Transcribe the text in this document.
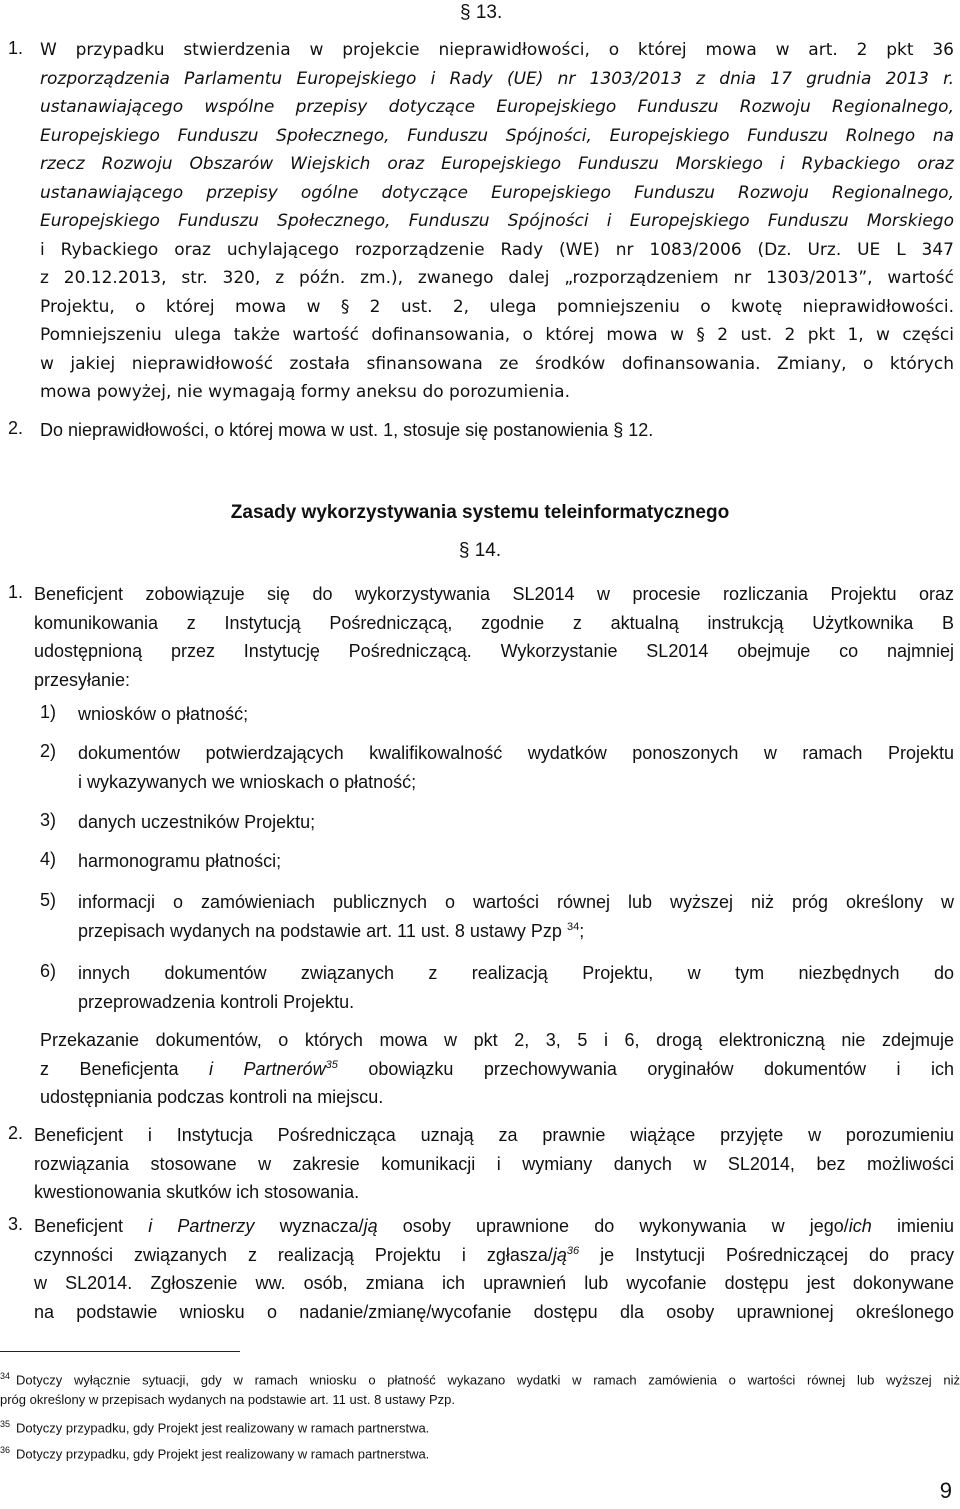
§ 13.
1. W przypadku stwierdzenia w projekcie nieprawidłowości, o której mowa w art. 2 pkt 36
rozporządzenia Parlamentu Europejskiego i Rady (UE) nr 1303/2013 z dnia 17 grudnia 2013 r.
ustanawiającego wspólne przepisy dotyczące Europejskiego Funduszu Rozwoju Regionalnego,
Europejskiego Funduszu Społecznego, Funduszu Spójności, Europejskiego Funduszu Rolnego na
rzecz Rozwoju Obszarów Wiejskich oraz Europejskiego Funduszu Morskiego i Rybackiego oraz
ustanawiającego przepisy ogólne dotyczące Europejskiego Funduszu Rozwoju Regionalnego,
Europejskiego Funduszu Społecznego, Funduszu Spójności i Europejskiego Funduszu Morskiego
i Rybackiego oraz uchylającego rozporządzenie Rady (WE) nr 1083/2006 (Dz. Urz. UE L 347
z 20.12.2013, str. 320, z późn. zm.), zwanego dalej „rozporządzeniem nr 1303/2013”, wartość
Projektu, o której mowa w § 2 ust. 2, ulega pomniejszeniu o kwotę nieprawidłowości.
Pomniejszeniu ulega także wartość dofinansowania, o której mowa w § 2 ust. 2 pkt 1, w części
w jakiej nieprawidłowość została sfinansowana ze środków dofinansowania. Zmiany, o których
mowa powyżej, nie wymagają formy aneksu do porozumienia.
2. Do nieprawidłowości, o której mowa w ust. 1, stosuje się postanowienia § 12.
Zasady wykorzystywania systemu teleinformatycznego
§ 14.
1. Beneficjent zobowiązuje się do wykorzystywania SL2014 w procesie rozliczania Projektu oraz
komunikowania z Instytucją Pośredniczącą, zgodnie z aktualną instrukcją Użytkownika B
udostępnioną przez Instytucję Pośredniczącą. Wykorzystanie SL2014 obejmuje co najmniej
przesyłanie:
1) wniosków o płatność;
2) dokumentów potwierdzających kwalifikowalność wydatków ponoszonych w ramach Projektu
i wykazywanych we wnioskach o płatność;
3) danych uczestników Projektu;
4) harmonogramu płatności;
5) informacji o zamówieniach publicznych o wartości równej lub wyższej niż próg określony w
przepisach wydanych na podstawie art. 11 ust. 8 ustawy Pzp $^{34}$;
6) innych dokumentów związanych z realizacją Projektu, w tym niezbędnych do
przeprowadzenia kontroli Projektu.
Przekazanie dokumentów, o których mowa w pkt 2, 3, 5 i 6, drogą elektroniczną nie zdejmuje
z Beneficjenta i Partnerów$^{35}$ obowiązku przechowywania oryginałów dokumentów i ich
udostępniania podczas kontroli na miejscu.
2. Beneficjent i Instytucja Pośrednicząca uznają za prawnie wiążące przyjęte w porozumieniu
rozwiązania stosowane w zakresie komunikacji i wymiany danych w SL2014, bez możliwości
kwestionowania skutków ich stosowania.
3. Beneficjent i Partnerzy wyznacza/ją osoby uprawnione do wykonywania w jego/ich imieniu
czynności związanych z realizacją Projektu i zgłasza/$ją^{36}$ je Instytucji Pośredniczącej do pracy
w SL2014. Zgłoszenie ww. osób, zmiana ich uprawnień lub wycofanie dostępu jest dokonywane
na podstawie wniosku o nadanie/zmianę/wycofanie dostępu dla osoby uprawnionej określonego
$^{34}$ Dotyczy wyłącznie sytuacji, gdy w ramach wniosku o płatność wykazano wydatki w ramach zamówienia o wartości równej lub wyższej niż
próg określony w przepisach wydanych na podstawie art. 11 ust. 8 ustawy Pzp.
$^{35}$ Dotyczy przypadku, gdy Projekt jest realizowany w ramach partnerstwa.
$^{36}$ Dotyczy przypadku, gdy Projekt jest realizowany w ramach partnerstwa.
9
